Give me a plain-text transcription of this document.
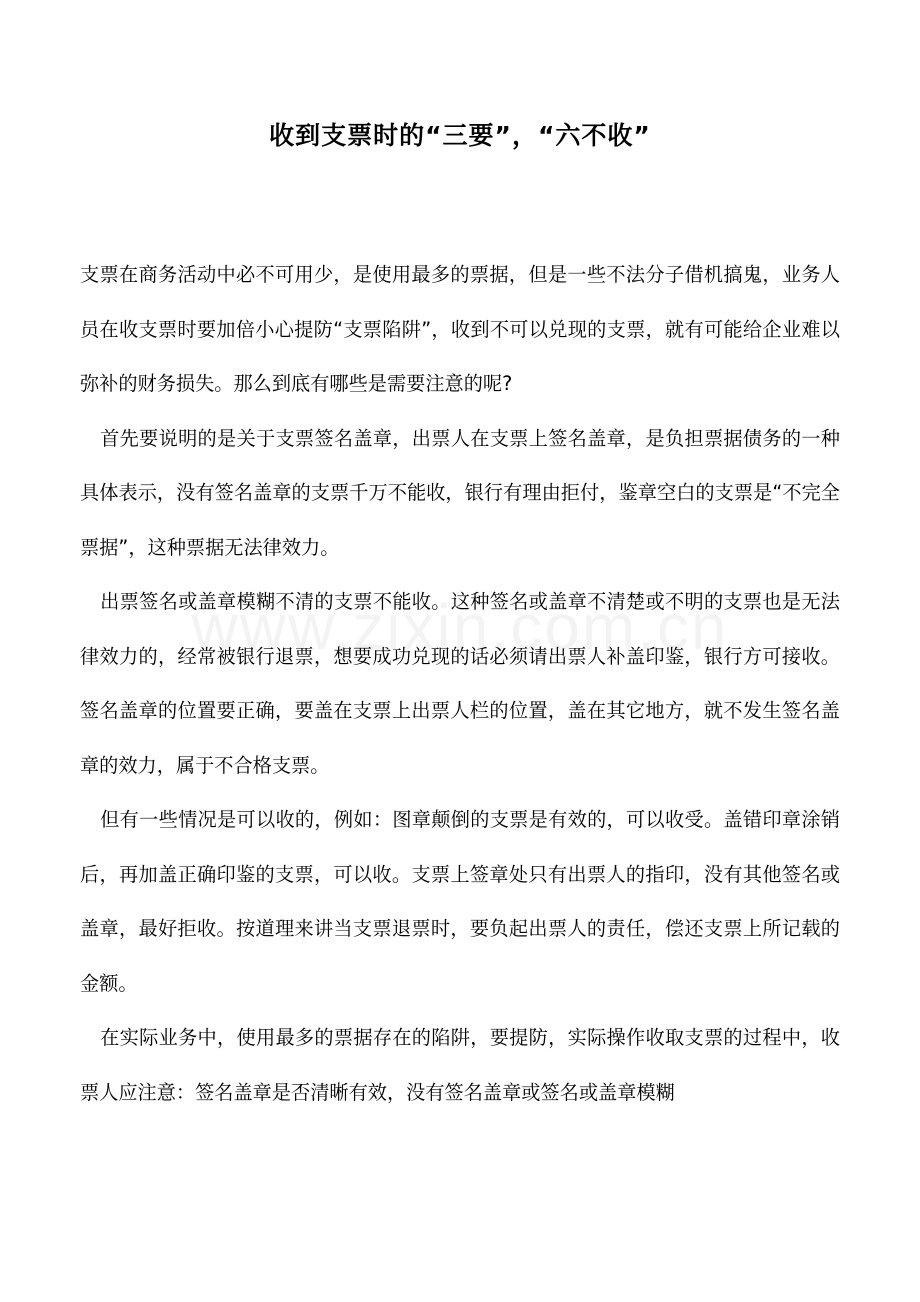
收到支票时的“三要”，“六不收”

支票在商务活动中必不可用少，是使用最多的票据，但是一些不法分子借机搞鬼，业务人员在收支票时要加倍小心提防“支票陷阱”，收到不可以兑现的支票，就有可能给企业难以弥补的财务损失。那么到底有哪些是需要注意的呢?

首先要说明的是关于支票签名盖章，出票人在支票上签名盖章，是负担票据债务的一种具体表示，没有签名盖章的支票千万不能收，银行有理由拒付，鉴章空白的支票是“不完全票据”，这种票据无法律效力。

出票签名或盖章模糊不清的支票不能收。这种签名或盖章不清楚或不明的支票也是无法律效力的，经常被银行退票，想要成功兑现的话必须请出票人补盖印鉴，银行方可接收。签名盖章的位置要正确，要盖在支票上出票人栏的位置，盖在其它地方，就不发生签名盖章的效力，属于不合格支票。

但有一些情况是可以收的，例如：图章颠倒的支票是有效的，可以收受。盖错印章涂销后，再加盖正确印鉴的支票，可以收。支票上签章处只有出票人的指印，没有其他签名或盖章，最好拒收。按道理来讲当支票退票时，要负起出票人的责任，偿还支票上所记载的金额。

在实际业务中，使用最多的票据存在的陷阱，要提防，实际操作收取支票的过程中，收票人应注意：签名盖章是否清晰有效，没有签名盖章或签名或盖章模糊
